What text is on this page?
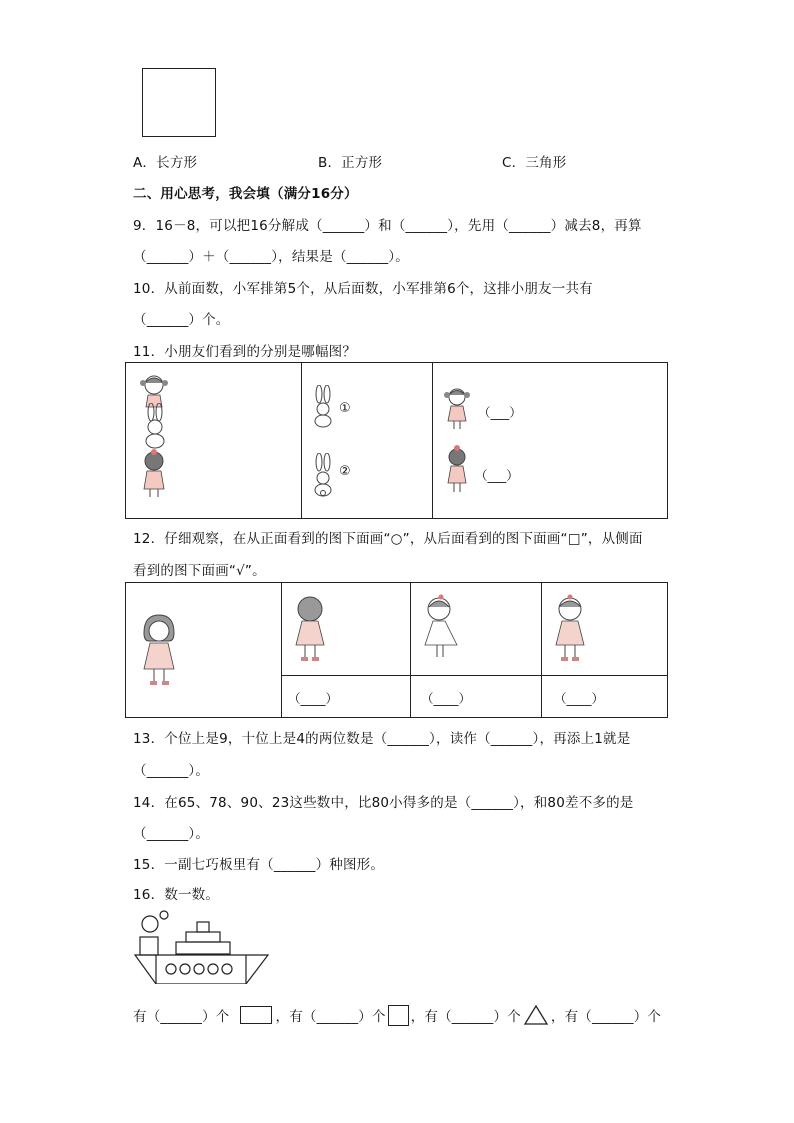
A．长方形	B．正方形	C．三角形
二、用心思考，我会填（满分16分）
9．16－8，可以把16分解成（______）和（______），先用（______）减去8，再算
（______）＋（______），结果是（______）。
10．从前面数，小军排第5个，从后面数，小军排第6个，这排小朋友一共有
（______）个。
11．小朋友们看到的分别是哪幅图？

①
②

（___）
（___）
12．仔细观察，在从正面看到的图下面画“○”，从后面看到的图下面画“□”，从侧面
看到的图下面画“√”。

	（____）	（____）	（____）
13．个位上是9，十位上是4的两位数是（______），读作（______），再添上1就是
（______）。
14．在65、78、90、23这些数中，比80小得多的是（______），和80差不多的是
（______）。
15．一副七巧板里有（______）种图形。
16．数一数。
有（______）个	，有（______）个 ，有（______）个 ，有（______）个
